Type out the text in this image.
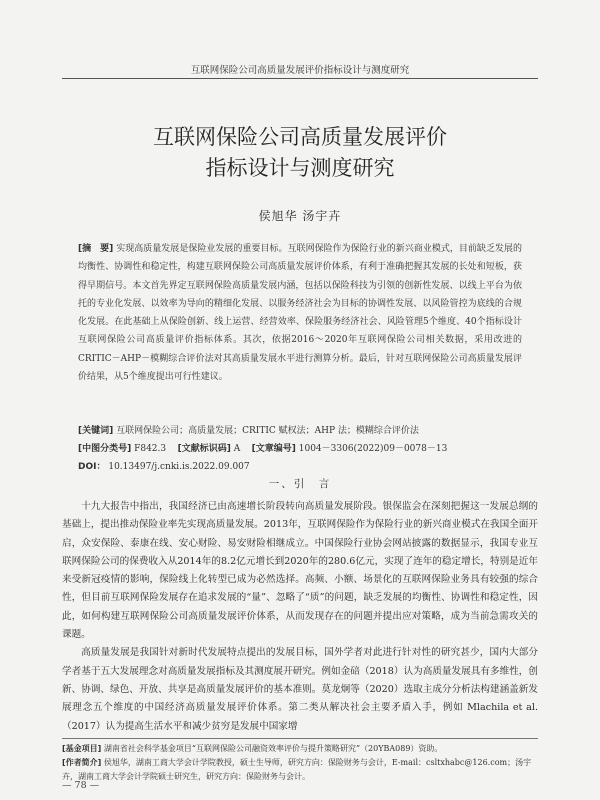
互联网保险公司高质量发展评价指标设计与测度研究
互联网保险公司高质量发展评价
指标设计与测度研究
侯旭华 汤宇卉
[摘　要] 实现高质量发展是保险业发展的重要目标。互联网保险作为保险行业的新兴商业模式，目前缺乏发展的均衡性、协调性和稳定性，构建互联网保险公司高质量发展评价体系，有利于准确把握其发展的长处和短板，获得早期信号。本文首先界定互联网保险高质量发展内涵，包括以保险科技为引领的创新性发展、以线上平台为依托的专业化发展、以效率为导向的精细化发展、以服务经济社会为目标的协调性发展、以风险管控为底线的合规化发展。在此基础上从保险创新、线上运营、经营效率、保险服务经济社会、风险管理5个维度、40个指标设计互联网保险公司高质量评价指标体系。其次，依据2016～2020年互联网保险公司相关数据，采用改进的CRITIC－AHP－模糊综合评价法对其高质量发展水平进行测算分析。最后，针对互联网保险公司高质量发展评价结果，从5个维度提出可行性建议。
[关键词] 互联网保险公司；高质量发展；CRITIC 赋权法；AHP 法；模糊综合评价法
[中图分类号] F842.3 [文献标识码] A [文章编号] 1004－3306(2022)09－0078－13
DOI： 10.13497/j.cnki.is.2022.09.007
一、引　言

十九大报告中指出，我国经济已由高速增长阶段转向高质量发展阶段。银保监会在深刻把握这一发展总纲的基础上，提出推动保险业率先实现高质量发展。2013年，互联网保险作为保险行业的新兴商业模式在我国全面开启，众安保险、泰康在线、安心财险、易安财险相继成立。中国保险行业协会网站披露的数据显示，我国专业互联网保险公司的保费收入从2014年的8.2亿元增长到2020年的280.6亿元，实现了连年的稳定增长，特别是近年来受新冠疫情的影响，保险线上化转型已成为必然选择。高频、小额、场景化的互联网保险业务具有较强的综合性，但目前互联网保险发展存在追求发展的“量”、忽略了“质”的问题，缺乏发展的均衡性、协调性和稳定性，因此，如何构建互联网保险公司高质量发展评价体系，从而发现存在的问题并提出应对策略，成为当前急需攻关的课题。

高质量发展是我国针对新时代发展特点提出的发展目标，国外学者对此进行针对性的研究甚少，国内大部分学者基于五大发展理念对高质量发展指标及其测度展开研究。例如金碚（2018）认为高质量发展具有多维性，创新、协调、绿色、开放、共享是高质量发展评价的基本准则。莫龙炯等（2020）选取主成分分析法构建涵盖新发展理念五个维度的中国经济高质量发展评价体系。第二类从解决社会主要矛盾入手，例如 Mlachila et al.（2017）认为提高生活水平和减少贫穷是发展中国家增

[基金项目] 湖南省社会科学基金项目“互联网保险公司融资效率评价与提升策略研究”（20YBA089）资助。
[作者简介] 侯旭华，湖南工商大学会计学院教授，硕士生导师，研究方向：保险财务与会计，E-mail：csltxhabc@126.com；汤宇卉，湖南工商大学会计学院硕士研究生，研究方向：保险财务与会计。
— 78 —
